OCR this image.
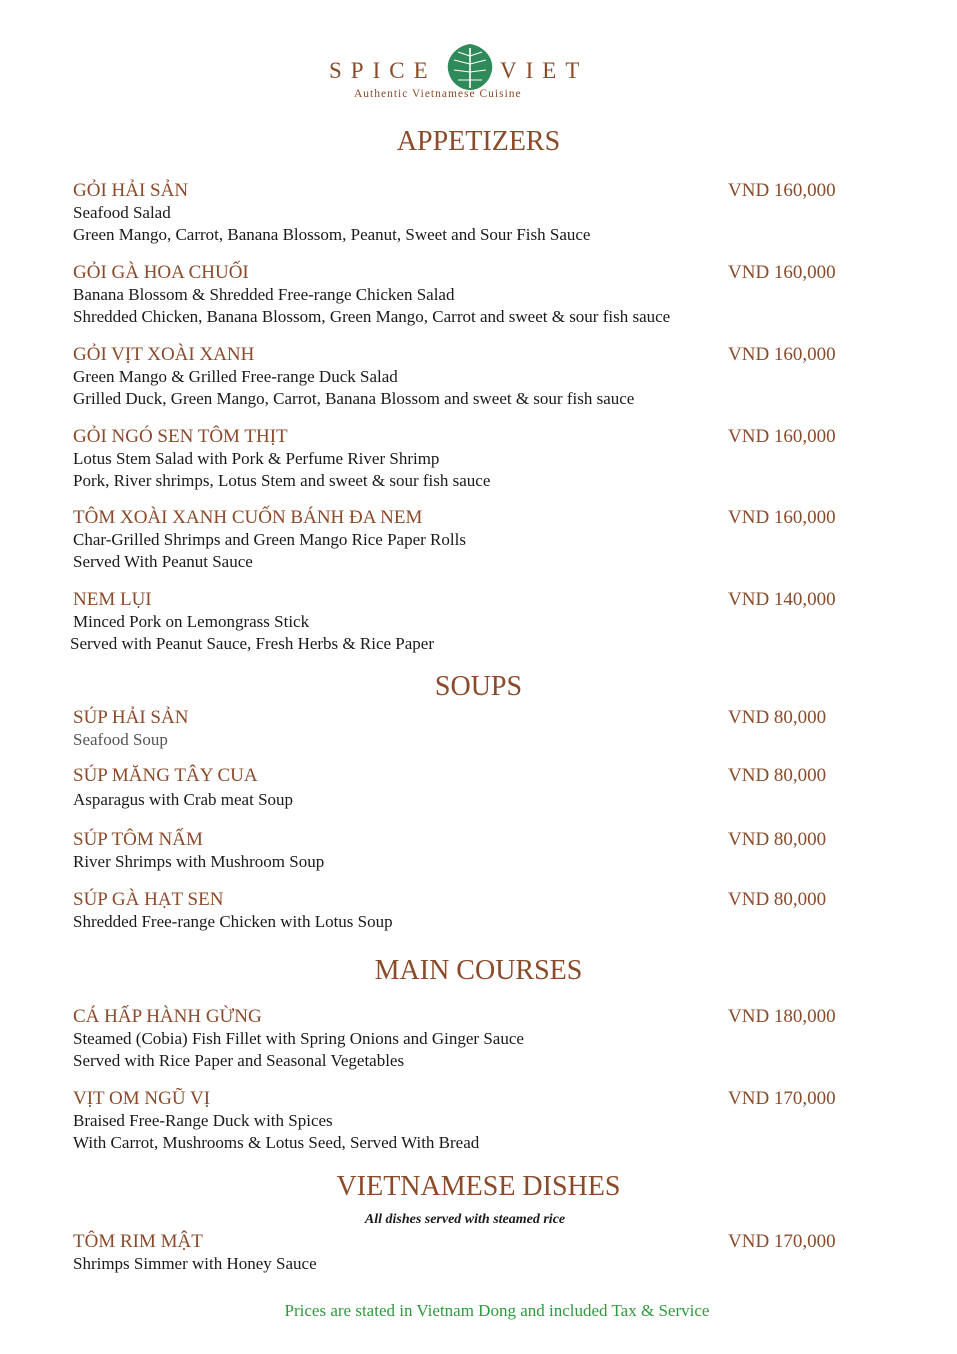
SPICE	VIET
Authentic Vietnamese Cuisine
APPETIZERS
GỎI HẢI SẢN	VND 160,000
Seafood Salad
Green Mango, Carrot, Banana Blossom, Peanut, Sweet and Sour Fish Sauce
GỎI GÀ HOA CHUỐI	VND 160,000
Banana Blossom & Shredded Free-range Chicken Salad
Shredded Chicken, Banana Blossom, Green Mango, Carrot and sweet & sour fish sauce
GỎI VỊT XOÀI XANH	VND 160,000
Green Mango & Grilled Free-range Duck Salad
Grilled Duck, Green Mango, Carrot, Banana Blossom and sweet & sour fish sauce
GỎI NGÓ SEN TÔM THỊT	VND 160,000
Lotus Stem Salad with Pork & Perfume River Shrimp
Pork, River shrimps, Lotus Stem and sweet & sour fish sauce
TÔM XOÀI XANH CUỐN BÁNH ĐA NEM	VND 160,000
Char-Grilled Shrimps and Green Mango Rice Paper Rolls
Served With Peanut Sauce
NEM LỤI	VND 140,000
Minced Pork on Lemongrass Stick
Served with Peanut Sauce, Fresh Herbs & Rice Paper
SOUPS
SÚP HẢI SẢN	VND 80,000
Seafood Soup
SÚP MĂNG TÂY CUA	VND 80,000
Asparagus with Crab meat Soup
SÚP TÔM NẤM	VND 80,000
River Shrimps with Mushroom Soup
SÚP GÀ HẠT SEN	VND 80,000
Shredded Free-range Chicken with Lotus Soup
MAIN COURSES
CÁ HẤP HÀNH GỪNG	VND 180,000
Steamed (Cobia) Fish Fillet with Spring Onions and Ginger Sauce
Served with Rice Paper and Seasonal Vegetables
VỊT OM NGŨ VỊ	VND 170,000
Braised Free-Range Duck with Spices
With Carrot, Mushrooms & Lotus Seed, Served With Bread
VIETNAMESE DISHES
All dishes served with steamed rice
TÔM RIM MẬT	VND 170,000
Shrimps Simmer with Honey Sauce
Prices are stated in Vietnam Dong and included Tax & Service
